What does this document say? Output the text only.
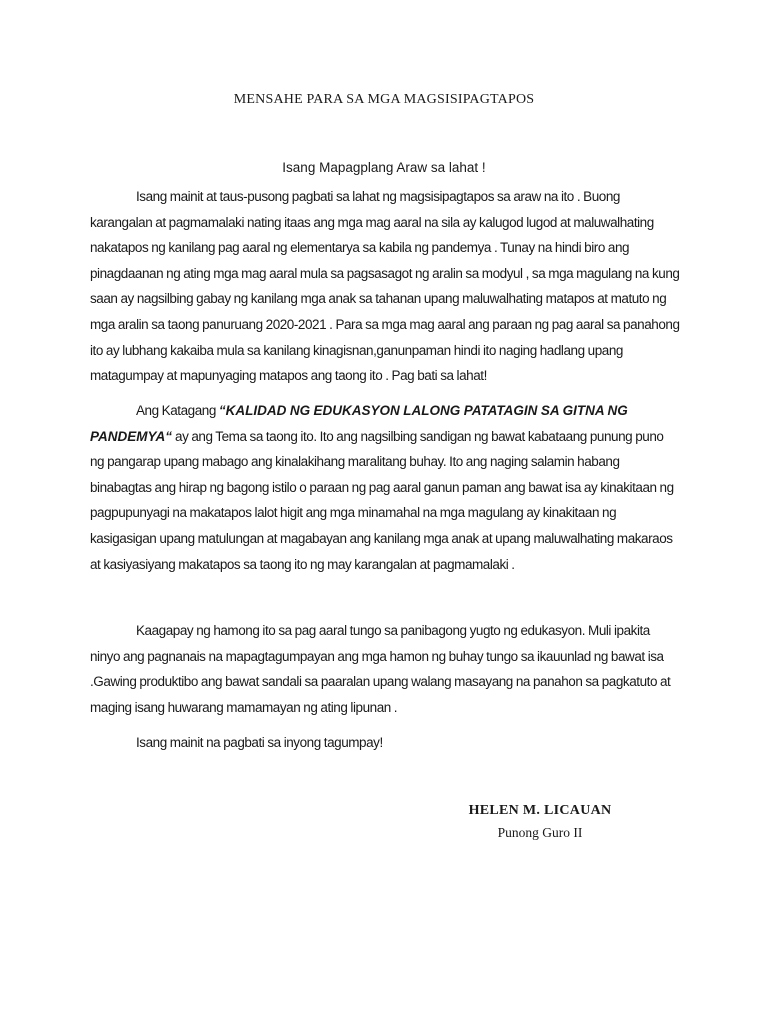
MENSAHE PARA SA MGA MAGSISIPAGTAPOS
Isang Mapagplang Araw sa lahat !

Isang mainit at taus-pusong pagbati sa lahat ng magsisipagtapos sa araw na ito . Buong karangalan at pagmamalaki nating itaas ang mga mag aaral na sila ay kalugod lugod at maluwalhating nakatapos ng kanilang pag aaral ng elementarya sa kabila ng pandemya . Tunay na hindi biro ang pinagdaanan ng ating mga mag aaral mula sa pagsasagot ng aralin sa modyul , sa mga magulang na kung saan ay nagsilbing gabay ng kanilang mga anak sa tahanan upang maluwalhating matapos at matuto ng mga aralin sa taong panuruang 2020-2021 . Para sa mga mag aaral ang paraan ng pag aaral sa panahong ito ay lubhang kakaiba mula sa kanilang kinagisnan,ganunpaman hindi ito naging hadlang upang matagumpay at mapunyaging matapos ang taong ito . Pag bati sa lahat!

Ang Katagang “KALIDAD NG EDUKASYON LALONG PATATAGIN SA GITNA NG PANDEMYA“ ay ang Tema sa taong ito. Ito ang nagsilbing sandigan ng bawat kabataang punung puno ng pangarap upang mabago ang kinalakihang maralitang buhay. Ito ang naging salamin habang binabagtas ang hirap ng bagong istilo o paraan ng pag aaral ganun paman ang bawat isa ay kinakitaan ng pagpupunyagi na makatapos lalot higit ang mga minamahal na mga magulang ay kinakitaan ng kasigasigan upang matulungan at magabayan ang kanilang mga anak at upang maluwalhating makaraos at kasiyasiyang makatapos sa taong ito ng may karangalan at pagmamalaki .

Kaagapay ng hamong ito sa pag aaral tungo sa panibagong yugto ng edukasyon. Muli ipakita ninyo ang pagnanais na mapagtagumpayan ang mga hamon ng buhay tungo sa ikauunlad ng bawat isa .Gawing produktibo ang bawat sandali sa paaralan upang walang masayang na panahon sa pagkatuto at maging isang huwarang mamamayan ng ating lipunan .

Isang mainit na pagbati sa inyong tagumpay!

HELEN M. LICAUAN
Punong Guro II
